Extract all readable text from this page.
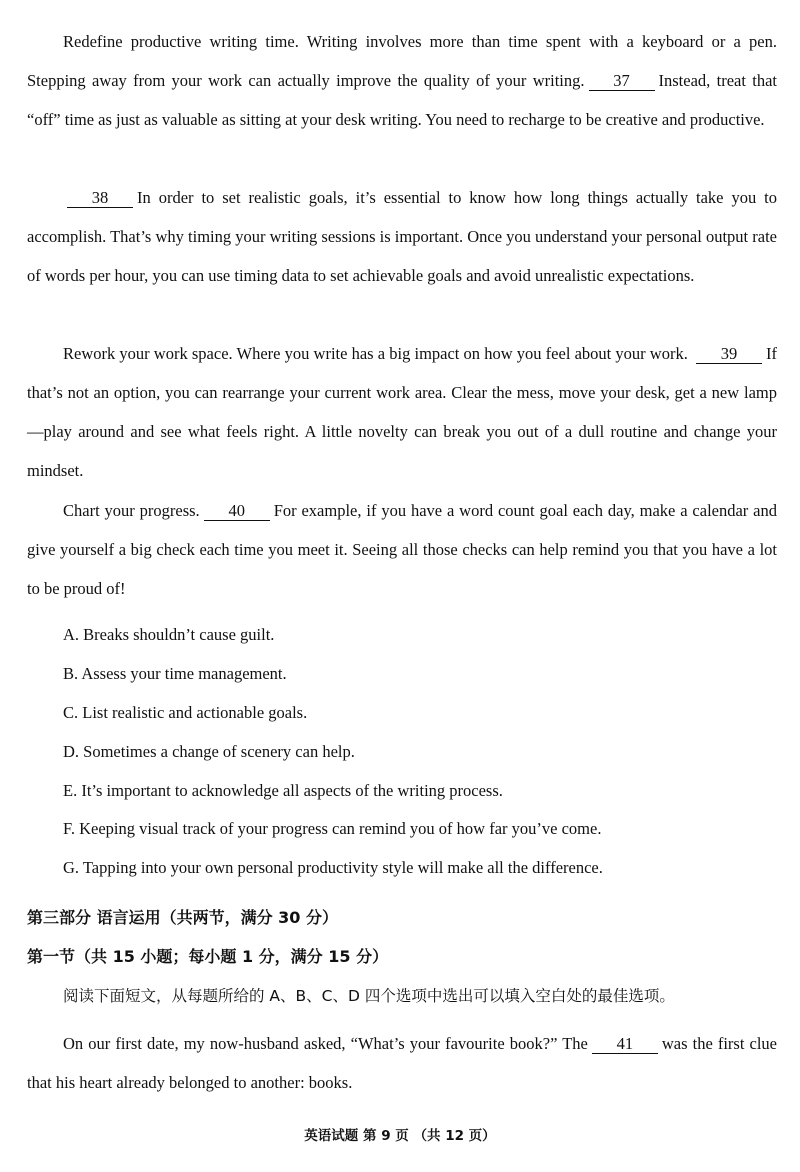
Redefine productive writing time. Writing involves more than time spent with a keyboard or a pen. Stepping away from your work can actually improve the quality of your writing. 37 Instead, treat that “off” time as just as valuable as sitting at your desk writing. You need to recharge to be creative and productive.

38 In order to set realistic goals, it’s essential to know how long things actually take you to accomplish. That’s why timing your writing sessions is important. Once you understand your personal output rate of words per hour, you can use timing data to set achievable goals and avoid unrealistic expectations.

Rework your work space. Where you write has a big impact on how you feel about your work. 39 If that’s not an option, you can rearrange your current work area. Clear the mess, move your desk, get a new lamp—play around and see what feels right. A little novelty can break you out of a dull routine and change your mindset.

Chart your progress. 40 For example, if you have a word count goal each day, make a calendar and give yourself a big check each time you meet it. Seeing all those checks can help remind you that you have a lot to be proud of!

A. Breaks shouldn’t cause guilt.
B. Assess your time management.
C. List realistic and actionable goals.
D. Sometimes a change of scenery can help.
E. It’s important to acknowledge all aspects of the writing process.
F. Keeping visual track of your progress can remind you of how far you’ve come.
G. Tapping into your own personal productivity style will make all the difference.
第三部分 语言运用（共两节，满分 30 分）
第一节（共 15 小题；每小题 1 分，满分 15 分）
阅读下面短文，从每题所给的 A、B、C、D 四个选项中选出可以填入空白处的最佳选项。

On our first date, my now-husband asked, “What’s your favourite book?” The 41 was the first clue that his heart already belonged to another: books.

英语试题 第 9 页 （共 12 页）
